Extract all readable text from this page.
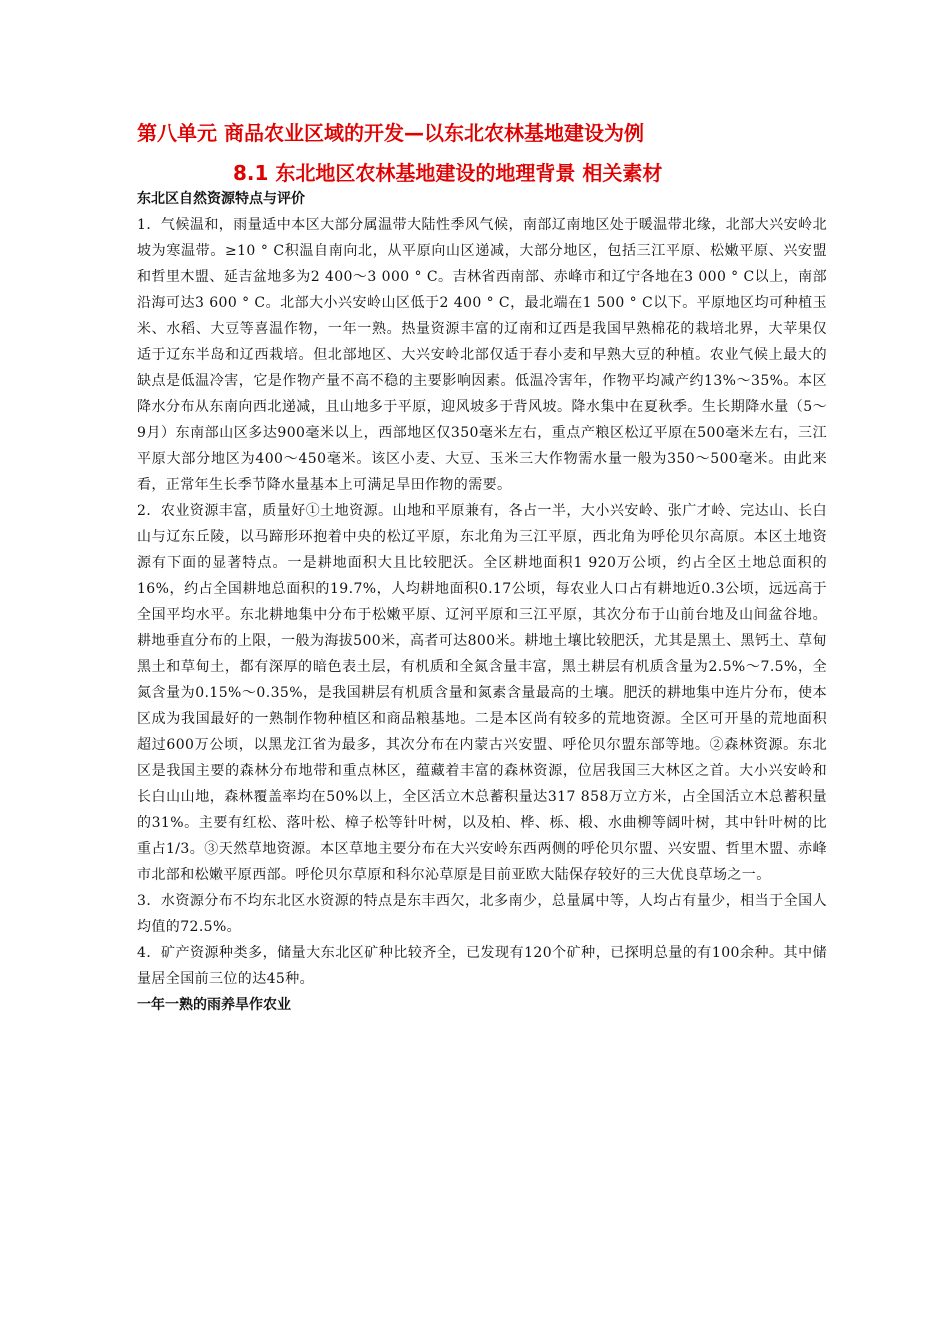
第八单元 商品农业区域的开发—以东北农林基地建设为例
8.1 东北地区农林基地建设的地理背景 相关素材

东北区自然资源特点与评价

1．气候温和，雨量适中本区大部分属温带大陆性季风气候，南部辽南地区处于暖温带北缘，北部大兴安岭北坡为寒温带。≥10 ° C积温自南向北，从平原向山区递减，大部分地区，包括三江平原、松嫩平原、兴安盟和哲里木盟、延吉盆地多为2 400～3 000 ° C。吉林省西南部、赤峰市和辽宁各地在3 000 ° C以上，南部沿海可达3 600 ° C。北部大小兴安岭山区低于2 400 ° C，最北端在1 500 ° C以下。平原地区均可种植玉米、水稻、大豆等喜温作物，一年一熟。热量资源丰富的辽南和辽西是我国早熟棉花的栽培北界，大苹果仅适于辽东半岛和辽西栽培。但北部地区、大兴安岭北部仅适于春小麦和早熟大豆的种植。农业气候上最大的缺点是低温冷害，它是作物产量不高不稳的主要影响因素。低温冷害年，作物平均减产约13%～35%。本区降水分布从东南向西北递减，且山地多于平原，迎风坡多于背风坡。降水集中在夏秋季。生长期降水量（5～9月）东南部山区多达900毫米以上，西部地区仅350毫米左右，重点产粮区松辽平原在500毫米左右，三江平原大部分地区为400～450毫米。该区小麦、大豆、玉米三大作物需水量一般为350～500毫米。由此来看，正常年生长季节降水量基本上可满足旱田作物的需要。

2．农业资源丰富，质量好①土地资源。山地和平原兼有，各占一半，大小兴安岭、张广才岭、完达山、长白山与辽东丘陵，以马蹄形环抱着中央的松辽平原，东北角为三江平原，西北角为呼伦贝尔高原。本区土地资源有下面的显著特点。一是耕地面积大且比较肥沃。全区耕地面积1 920万公顷，约占全区土地总面积的16%，约占全国耕地总面积的19.7%，人均耕地面积0.17公顷，每农业人口占有耕地近0.3公顷，远远高于全国平均水平。东北耕地集中分布于松嫩平原、辽河平原和三江平原，其次分布于山前台地及山间盆谷地。耕地垂直分布的上限，一般为海拔500米，高者可达800米。耕地土壤比较肥沃，尤其是黑土、黑钙土、草甸黑土和草甸土，都有深厚的暗色表土层，有机质和全氮含量丰富，黑土耕层有机质含量为2.5%～7.5%，全氮含量为0.15%～0.35%，是我国耕层有机质含量和氮素含量最高的土壤。肥沃的耕地集中连片分布，使本区成为我国最好的一熟制作物种植区和商品粮基地。二是本区尚有较多的荒地资源。全区可开垦的荒地面积超过600万公顷，以黑龙江省为最多，其次分布在内蒙古兴安盟、呼伦贝尔盟东部等地。②森林资源。东北区是我国主要的森林分布地带和重点林区，蕴藏着丰富的森林资源，位居我国三大林区之首。大小兴安岭和长白山山地，森林覆盖率均在50%以上，全区活立木总蓄积量达317 858万立方米，占全国活立木总蓄积量的31%。主要有红松、落叶松、樟子松等针叶树，以及柏、桦、栎、椴、水曲柳等阔叶树，其中针叶树的比重占1/3。③天然草地资源。本区草地主要分布在大兴安岭东西两侧的呼伦贝尔盟、兴安盟、哲里木盟、赤峰市北部和松嫩平原西部。呼伦贝尔草原和科尔沁草原是目前亚欧大陆保存较好的三大优良草场之一。

3．水资源分布不均东北区水资源的特点是东丰西欠，北多南少，总量属中等，人均占有量少，相当于全国人均值的72.5%。

4．矿产资源种类多，储量大东北区矿种比较齐全，已发现有120个矿种，已探明总量的有100余种。其中储量居全国前三位的达45种。

一年一熟的雨养旱作农业
